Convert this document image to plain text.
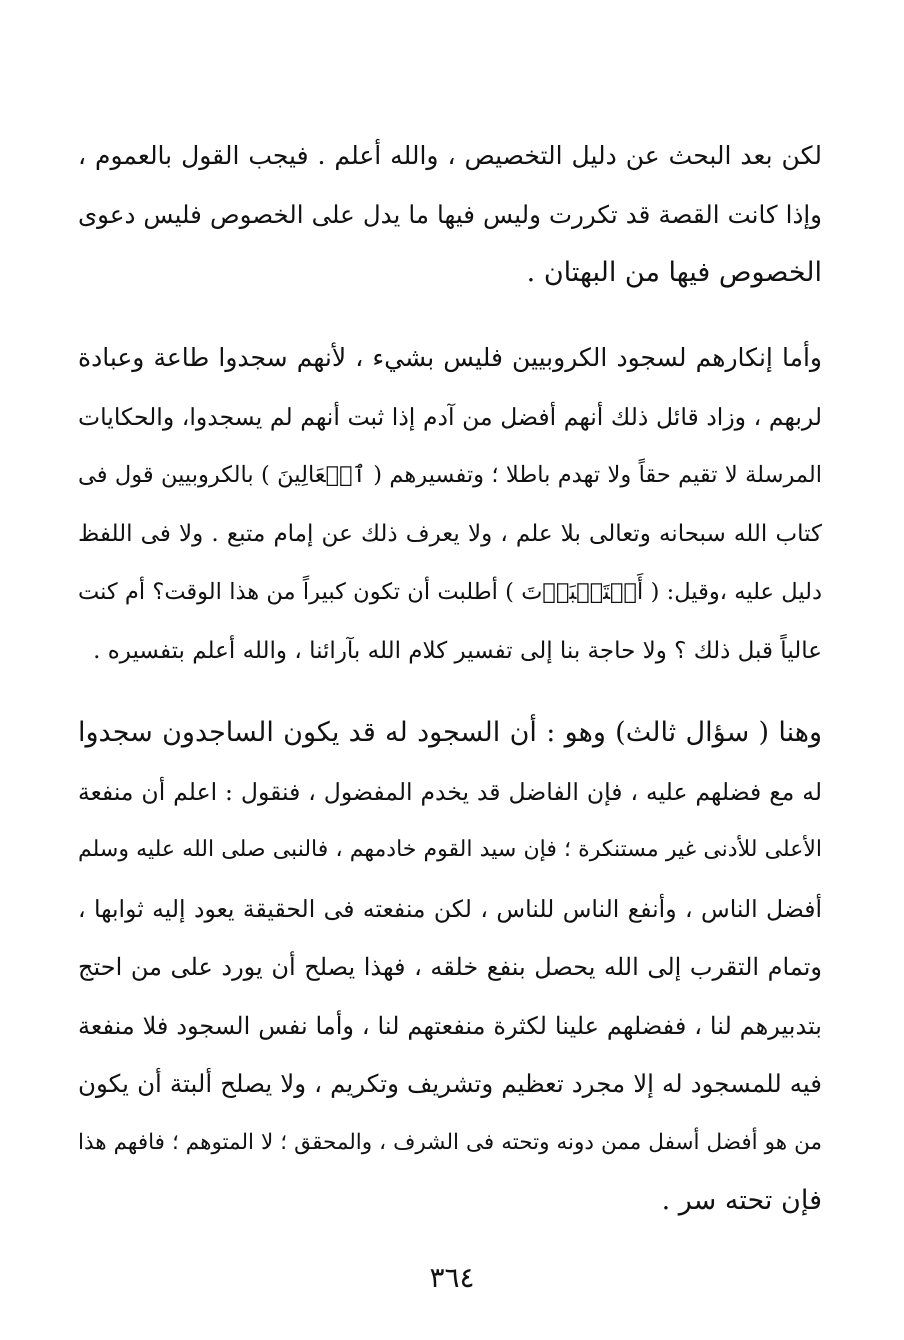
لكن بعد البحث عن دليل التخصيص ، والله أعلم . فيجب القول بالعموم ،
وإذا كانت القصة قد تكررت وليس فيها ما يدل على الخصوص فليس دعوى
الخصوص فيها من البهتان .
وأما إنكارهم لسجود الكروبيين فليس بشيء ، لأنهم سجدوا طاعة وعبادة
لربهم ، وزاد قائل ذلك أنهم أفضل من آدم إذا ثبت أنهم لم يسجدوا، والحكايات
المرسلة لا تقيم حقاً ولا تهدم باطلا ؛ وتفسيرهم ( ٱلۡعَالِينَ ) بالكروبيين قول فى
كتاب الله سبحانه وتعالى بلا علم ، ولا يعرف ذلك عن إمام متبع . ولا فى اللفظ
دليل عليه ،وقيل: ( أَسۡتَكۡبَرۡتَ ) أطلبت أن تكون كبيراً من هذا الوقت؟ أم كنت
عالياً قبل ذلك ؟ ولا حاجة بنا إلى تفسير كلام الله بآرائنا ، والله أعلم بتفسيره .
وهنا ( سؤال ثالث) وهو : أن السجود له قد يكون الساجدون سجدوا
له مع فضلهم عليه ، فإن الفاضل قد يخدم المفضول ، فنقول : اعلم أن منفعة
الأعلى للأدنى غير مستنكرة ؛ فإن سيد القوم خادمهم ، فالنبى صلى الله عليه وسلم
أفضل الناس ، وأنفع الناس للناس ، لكن منفعته فى الحقيقة يعود إليه ثوابها ،
وتمام التقرب إلى الله يحصل بنفع خلقه ، فهذا يصلح أن يورد على من احتج
بتدبيرهم لنا ، ففضلهم علينا لكثرة منفعتهم لنا ، وأما نفس السجود فلا منفعة
فيه للمسجود له إلا مجرد تعظيم وتشريف وتكريم ، ولا يصلح ألبتة أن يكون
من هو أفضل أسفل ممن دونه وتحته فى الشرف ، والمحقق ؛ لا المتوهم ؛ فافهم هذا
فإن تحته سر .
٣٦٤
